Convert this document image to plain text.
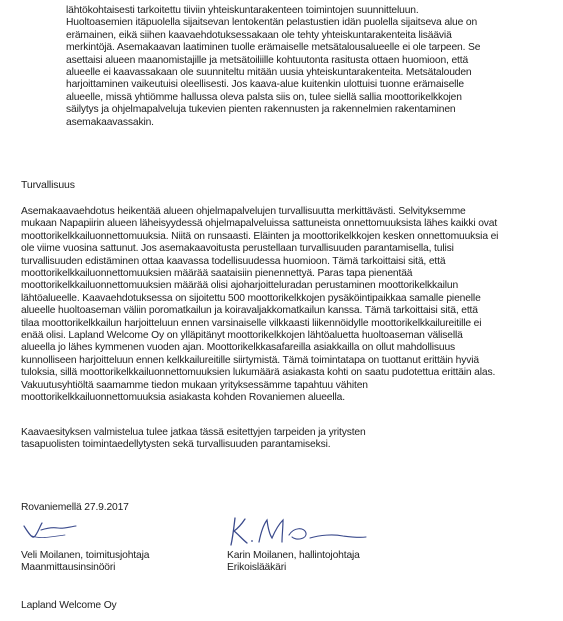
lähtökohtaisesti tarkoitettu tiiviin yhteiskuntarakenteen toimintojen suunnitteluun.
Huoltoasemien itäpuolella sijaitsevan lentokentän pelastustien idän puolella sijaitseva alue on
erämainen, eikä siihen kaavaehdotuksessakaan ole tehty yhteiskuntarakenteita lisääviä
merkintöjä. Asemakaavan laatiminen tuolle erämaiselle metsätalousalueelle ei ole tarpeen. Se
asettaisi alueen maanomistajille ja metsätoiliille kohtuutonta rasitusta ottaen huomioon, että
alueelle ei kaavassakaan ole suunniteltu mitään uusia yhteiskuntarakenteita. Metsätalouden
harjoittaminen vaikeutuisi oleellisesti. Jos kaava-alue kuitenkin ulottuisi tuonne erämaiselle
alueelle, missä yhtiömme hallussa oleva palsta siis on, tulee siellä sallia moottorikelkkojen
säilytys ja ohjelmapalveluja tukevien pienten rakennusten ja rakennelmien rakentaminen
asemakaavassakin.
Turvallisuus
Asemakaavaehdotus heikentää alueen ohjelmapalvelujen turvallisuutta merkittävästi. Selvityksemme
mukaan Napapiirin alueen läheisyydessä ohjelmapalveluissa sattuneista onnettomuuksista lähes kaikki ovat
moottorikelkkailuonnettomuuksia. Niitä on runsaasti. Eläinten ja moottorikelkkojen kesken onnettomuuksia ei
ole viime vuosina sattunut. Jos asemakaavoitusta perustellaan turvallisuuden parantamisella, tulisi
turvallisuuden edistäminen ottaa kaavassa todellisuudessa huomioon. Tämä tarkoittaisi sitä, että
moottorikelkkailuonnettomuuksien määrää saataisiin pienennettyä. Paras tapa pienentää
moottorikelkkailuonnettomuuksien määrää olisi ajoharjoitteluradan perustaminen moottorikelkkailun
lähtöalueelle. Kaavaehdotuksessa on sijoitettu 500 moottorikelkkojen pysäköintipaikkaa samalle pienelle
alueelle huoltoaseman väliin poromatkailun ja koiravaljakkomatkailun kanssa. Tämä tarkoittaisi sitä, että
tilaa moottorikelkkailun harjoitteluun ennen varsinaiselle vilkkaasti liikennöidylle moottorikelkkailureitille ei
enää olisi. Lapland Welcome Oy on ylläpitänyt moottorikelkkojen lähtöaluetta huoltoaseman välisellä
alueella jo lähes kymmenen vuoden ajan. Moottorikelkkasafareilla asiakkailla on ollut mahdollisuus
kunnolliseen harjoitteluun ennen kelkkailureitille siirtymistä. Tämä toimintatapa on tuottanut erittäin hyviä
tuloksia, sillä moottorikelkkailuonnettomuuksien lukumäärä asiakasta kohti on saatu pudotettua erittäin alas.
Vakuutusyhtiöltä saamamme tiedon mukaan yrityksessämme tapahtuu vähiten
moottorikelkkailuonnettomuuksia asiakasta kohden Rovaniemen alueella.
Kaavaesityksen valmistelua tulee jatkaa tässä esitettyjen tarpeiden ja yritysten
tasapuolisten toimintaedellytysten sekä turvallisuuden parantamiseksi.

Rovaniemellä 27.9.2017

Veli Moilanen, toimitusjohtaja
Maanmittausinsinööri
Karin Moilanen, hallintojohtaja
Erikoislääkäri

Lapland Welcome Oy
